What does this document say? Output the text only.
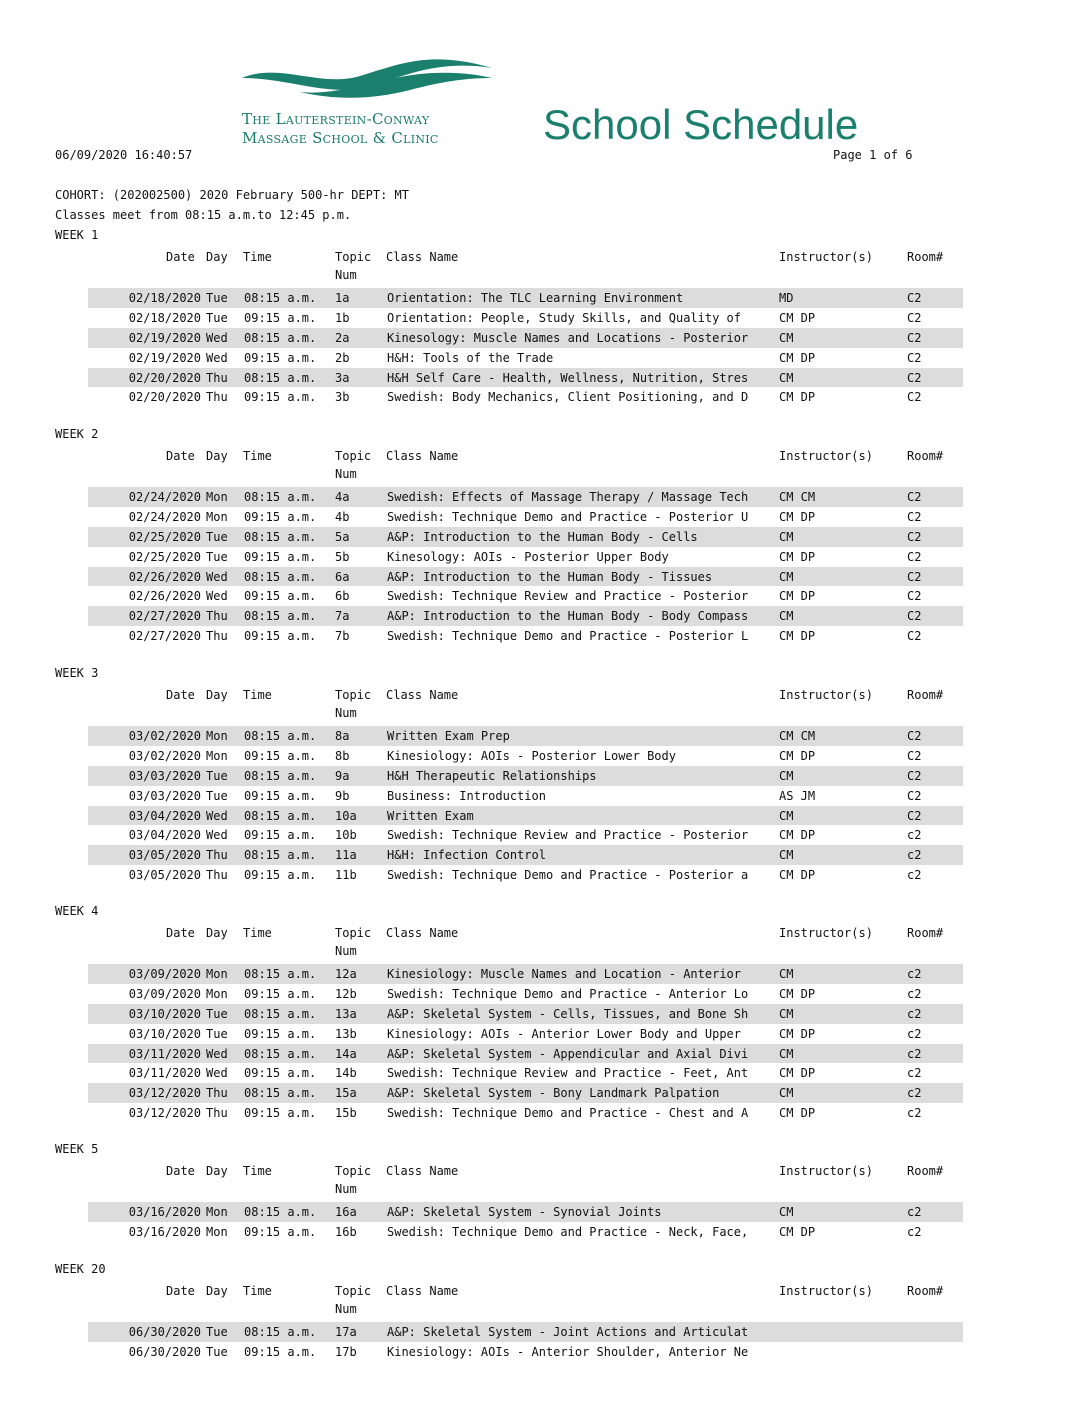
The Lauterstein-Conway
Massage School & Clinic School Schedule
06/09/2020 16:40:57	Page 1 of 6
COHORT: (202002500) 2020 February 500-hr DEPT: MT
Classes meet from 08:15 a.m.to 12:45 p.m.
WEEK 1
Date Day Time	Topic
Num
Class Name	Instructor(s)	Room#
02/18/2020 Tue	08:15 a.m.	1a	Orientation: The TLC Learning Environment	MD	C2
02/18/2020 Tue	09:15 a.m.	1b	Orientation: People, Study Skills, and Quality of	CM DP	C2
02/19/2020 Wed	08:15 a.m.	2a	Kinesology: Muscle Names and Locations - Posterior	CM	C2
02/19/2020 Wed	09:15 a.m.	2b	H&H: Tools of the Trade	CM DP	C2
02/20/2020 Thu	08:15 a.m.	3a	H&H Self Care - Health, Wellness, Nutrition, Stres	CM	C2
02/20/2020 Thu	09:15 a.m.	3b	Swedish: Body Mechanics, Client Positioning, and D	CM DP	C2
WEEK 2
Date Day Time	Topic
Num
Class Name	Instructor(s)	Room#
02/24/2020 Mon	08:15 a.m.	4a	Swedish: Effects of Massage Therapy / Massage Tech	CM CM	C2
02/24/2020 Mon	09:15 a.m.	4b	Swedish: Technique Demo and Practice - Posterior U	CM DP	C2
02/25/2020 Tue	08:15 a.m.	5a	A&P: Introduction to the Human Body - Cells	CM	C2
02/25/2020 Tue	09:15 a.m.	5b	Kinesology: AOIs - Posterior Upper Body	CM DP	C2
02/26/2020 Wed	08:15 a.m.	6a	A&P: Introduction to the Human Body - Tissues	CM	C2
02/26/2020 Wed	09:15 a.m.	6b	Swedish: Technique Review and Practice - Posterior	CM DP	C2
02/27/2020 Thu	08:15 a.m.	7a	A&P: Introduction to the Human Body - Body Compass	CM	C2
02/27/2020 Thu	09:15 a.m.	7b	Swedish: Technique Demo and Practice - Posterior L	CM DP	C2
WEEK 3
Date Day Time	Topic
Num
Class Name	Instructor(s)	Room#
03/02/2020 Mon	08:15 a.m.	8a	Written Exam Prep	CM CM	C2
03/02/2020 Mon	09:15 a.m.	8b	Kinesiology: AOIs - Posterior Lower Body	CM DP	C2
03/03/2020 Tue	08:15 a.m.	9a	H&H Therapeutic Relationships	CM	C2
03/03/2020 Tue	09:15 a.m.	9b	Business: Introduction	AS JM	C2
03/04/2020 Wed	08:15 a.m.	10a	Written Exam	CM	C2
03/04/2020 Wed	09:15 a.m.	10b	Swedish: Technique Review and Practice - Posterior	CM DP	c2
03/05/2020 Thu	08:15 a.m.	11a	H&H: Infection Control	CM	c2
03/05/2020 Thu	09:15 a.m.	11b	Swedish: Technique Demo and Practice - Posterior a	CM DP	c2
WEEK 4
Date Day Time	Topic
Num
Class Name	Instructor(s)	Room#
03/09/2020 Mon	08:15 a.m.	12a	Kinesiology: Muscle Names and Location - Anterior	CM	c2
03/09/2020 Mon	09:15 a.m.	12b	Swedish: Technique Demo and Practice - Anterior Lo	CM DP	c2
03/10/2020 Tue	08:15 a.m.	13a	A&P: Skeletal System - Cells, Tissues, and Bone Sh	CM	c2
03/10/2020 Tue	09:15 a.m.	13b	Kinesiology: AOIs - Anterior Lower Body and Upper	CM DP	c2
03/11/2020 Wed	08:15 a.m.	14a	A&P: Skeletal System - Appendicular and Axial Divi	CM	c2
03/11/2020 Wed	09:15 a.m.	14b	Swedish: Technique Review and Practice - Feet, Ant	CM DP	c2
03/12/2020 Thu	08:15 a.m.	15a	A&P: Skeletal System - Bony Landmark Palpation	CM	c2
03/12/2020 Thu	09:15 a.m.	15b	Swedish: Technique Demo and Practice - Chest and A	CM DP	c2
WEEK 5
Date Day Time	Topic
Num
Class Name	Instructor(s)	Room#
03/16/2020 Mon	08:15 a.m.	16a	A&P: Skeletal System - Synovial Joints	CM	c2
03/16/2020 Mon	09:15 a.m.	16b	Swedish: Technique Demo and Practice - Neck, Face,	CM DP	c2
WEEK 20
Date Day Time	Topic
Num
Class Name	Instructor(s)	Room#
06/30/2020 Tue	08:15 a.m.	17a	A&P: Skeletal System - Joint Actions and Articulat
06/30/2020 Tue	09:15 a.m.	17b	Kinesiology: AOIs - Anterior Shoulder, Anterior Ne
